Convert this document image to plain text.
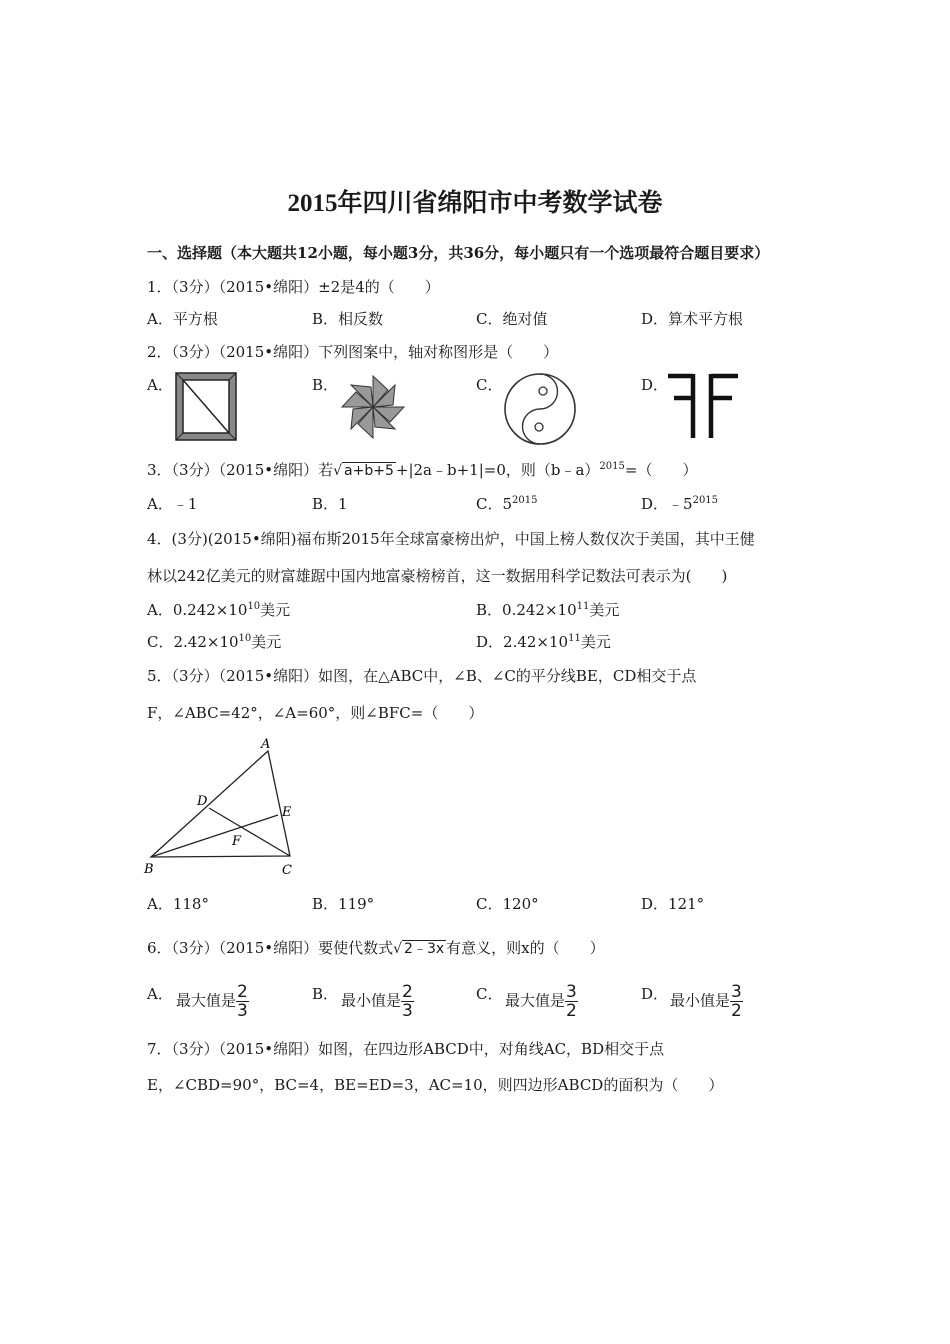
2015年四川省绵阳市中考数学试卷
一、选择题（本大题共12小题，每小题3分，共36分，每小题只有一个选项最符合题目要求）
1．（3分）（2015•绵阳）±2是4的（　　）
A．平方根	B．相反数	C．绝对值	D．算术平方根
2．（3分）（2015•绵阳）下列图案中，轴对称图形是（　　）
A．	B．	C．	D．
3．（3分）（2015•绵阳）若√ a+b+5 +|2a﹣b+1|=0，则（b﹣a）$^{2015}$=（　　）
A．﹣1	B．1	C．$5^{2015}$	D．$﹣5^{2015}$
4．(3分)(2015•绵阳)福布斯2015年全球富豪榜出炉，中国上榜人数仅次于美国，其中王健
林以242亿美元的财富雄踞中国内地富豪榜榜首，这一数据用科学记数法可表示为(　　)
A．$0.242\times 10^{10}$美元	B．$0.242\times 10^{11}$美元
C．$2.42\times 10^{10}$美元	D．$2.42\times 10^{11}$美元
5．（3分）（2015•绵阳）如图，在△ABC中，∠B、∠C的平分线BE，CD相交于点
F，∠ABC=42°，∠A=60°，则∠BFC=（　　）
A
B	C
D
E
F
A．118°	B．119°	C．120°	D．121°
6．（3分）（2015•绵阳）要使代数式√ 2﹣3x 有意义，则x的（　　）
A． 最大值是 $\frac{2}{3}$	B． 最小值是 $\frac{2}{3}$	C． 最大值是 $\frac{3}{2}$	D． 最小值是 $\frac{3}{2}$
7．（3分）（2015•绵阳）如图，在四边形ABCD中，对角线AC，BD相交于点
E，∠CBD=90°，BC=4，BE=ED=3，AC=10，则四边形ABCD的面积为（　　）
